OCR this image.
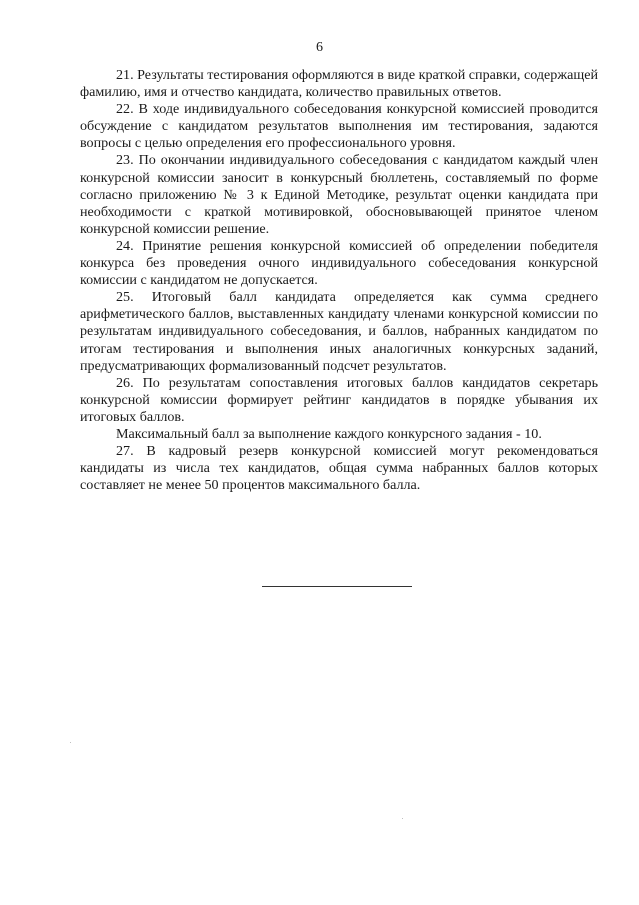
6

21. Результаты тестирования оформляются в виде краткой справки, содержащей фамилию, имя и отчество кандидата, количество правильных ответов.

22. В ходе индивидуального собеседования конкурсной комиссией проводится обсуждение с кандидатом результатов выполнения им тестирования, задаются вопросы с целью определения его профессионального уровня.

23. По окончании индивидуального собеседования с кандидатом каждый член конкурсной комиссии заносит в конкурсный бюллетень, составляемый по форме согласно приложению № 3 к Единой Методике, результат оценки кандидата при необходимости с краткой мотивировкой, обосновывающей принятое членом конкурсной комиссии решение.

24. Принятие решения конкурсной комиссией об определении победителя конкурса без проведения очного индивидуального собеседования конкурсной комиссии с кандидатом не допускается.

25. Итоговый балл кандидата определяется как сумма среднего арифметического баллов, выставленных кандидату членами конкурсной комиссии по результатам индивидуального собеседования, и баллов, набранных кандидатом по итогам тестирования и выполнения иных аналогичных конкурсных заданий, предусматривающих формализованный подсчет результатов.

26. По результатам сопоставления итоговых баллов кандидатов секретарь конкурсной комиссии формирует рейтинг кандидатов в порядке убывания их итоговых баллов.

Максимальный балл за выполнение каждого конкурсного задания - 10.

27. В кадровый резерв конкурсной комиссией могут рекомендоваться кандидаты из числа тех кандидатов, общая сумма набранных баллов которых составляет не менее 50 процентов максимального балла.
